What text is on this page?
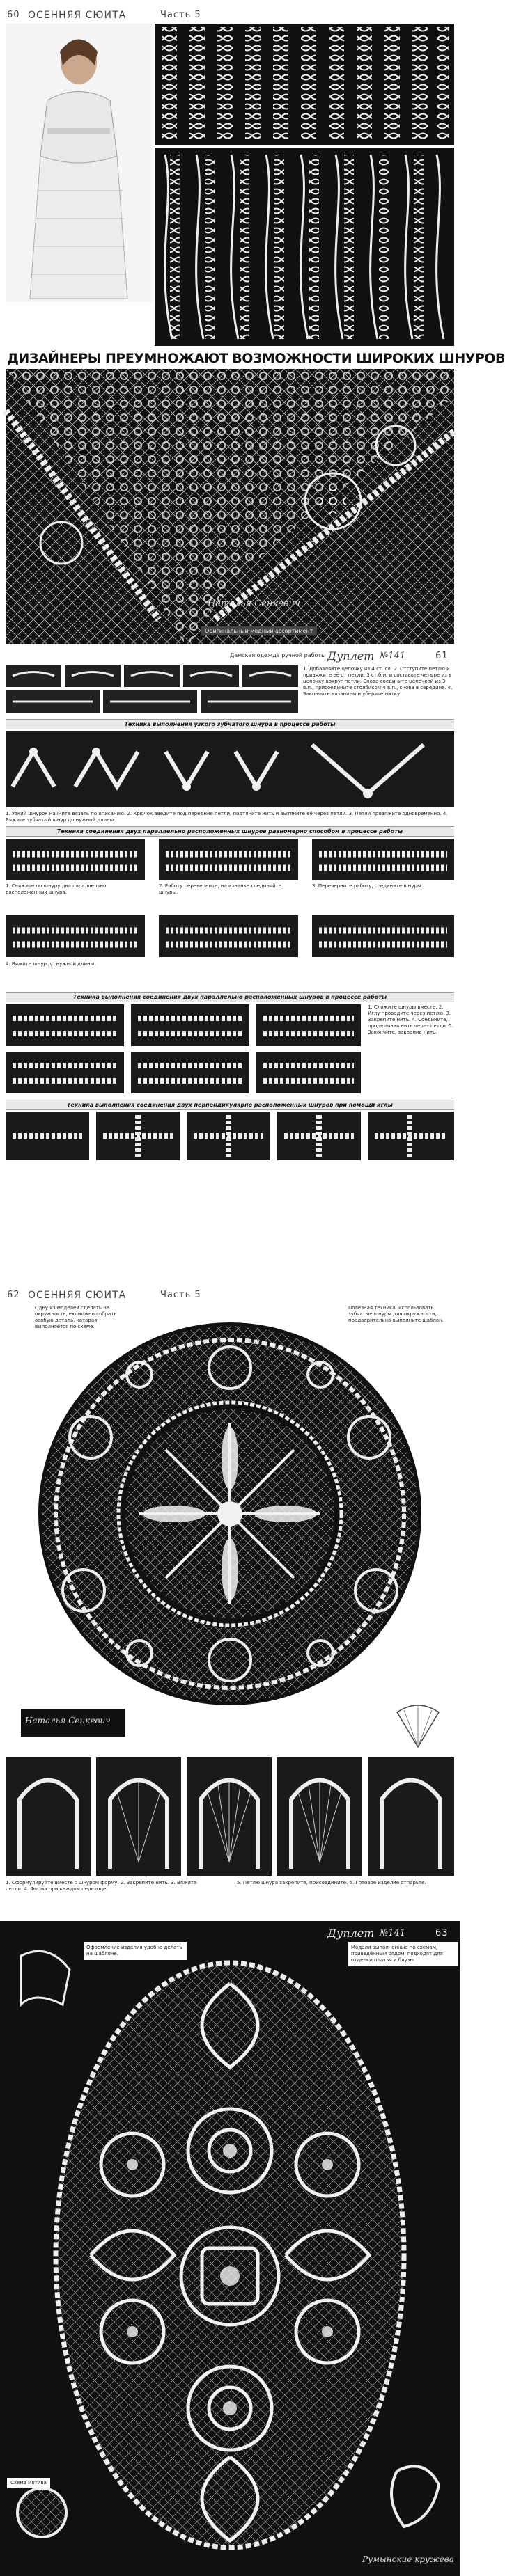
60 ОСЕННЯЯ СЮИТА	Часть 5
ДИЗАЙНЕРЫ ПРЕУМНОЖАЮТ ВОЗМОЖНОСТИ ШИРОКИХ ШНУРОВ
Наталья Сенкевич
Оригинальный модный ассортимент
Дамская одежда ручной работы Дуплет №141	61
1. Добавляйте цепочку из 4 ст. сл. 2. Отступите петлю и привяжите её от петли, 3 ст.б.н. и составьте четыре из в цепочку вокруг петли. Снова соедините цепочкой из 3 в.п., присоедините столбиком 4 в.п., снова в середине. 4. Закончите вязанием и уберите нитку.
Техника выполнения узкого зубчатого шнура в процессе работы
1. Узкий шнурок начните вязать по описанию. 2. Крючок введите под передние петли, подтяните нить и вытяните её через петли. 3. Петли провяжите одновременно. 4. Вяжите зубчатый шнур до нужной длины.
Техника соединения двух параллельно расположенных шнуров равномерно способом в процессе работы
1. Свяжите по шнуру два параллельно расположенных шнура.
2. Работу переверните, на изнанке соединяйте шнуры.
3. Переверните работу, соедините шнуры.
4. Вяжите шнур до нужной длины.
Техника выполнения соединения двух параллельно расположенных шнуров в процессе работы
1. Сложите шнуры вместе. 2. Иглу проведите через петлю. 3. Закрепите нить. 4. Соедините, проделывая нить через петли. 5. Закончите, закрепив нить.
Техника выполнения соединения двух перпендикулярно расположенных шнуров при помощи иглы
62 ОСЕННЯЯ СЮИТА	Часть 5
Одну из моделей сделать на окружность, ею можно собрать особую деталь, которая выполняется по схеме.
Полезная техника: использовать зубчатые шнуры для окружности, предварительно выполните шаблон.
Наталья Сенкевич
1. Сформулируйте вместе с шнуром форму. 2. Закрепите нить. 3. Вяжите петли. 4. Форма при каждом переходе.
5. Петлю шнура закрепите, присоедините. 6. Готовое изделие отпарьте.
Дуплет №141	63
Оформление изделия удобно делать на шаблоне.
Модели выполненные по схемам, приведённым рядом, подходят для отделки платья и блузы.
Схема мотива
Румынские кружева
